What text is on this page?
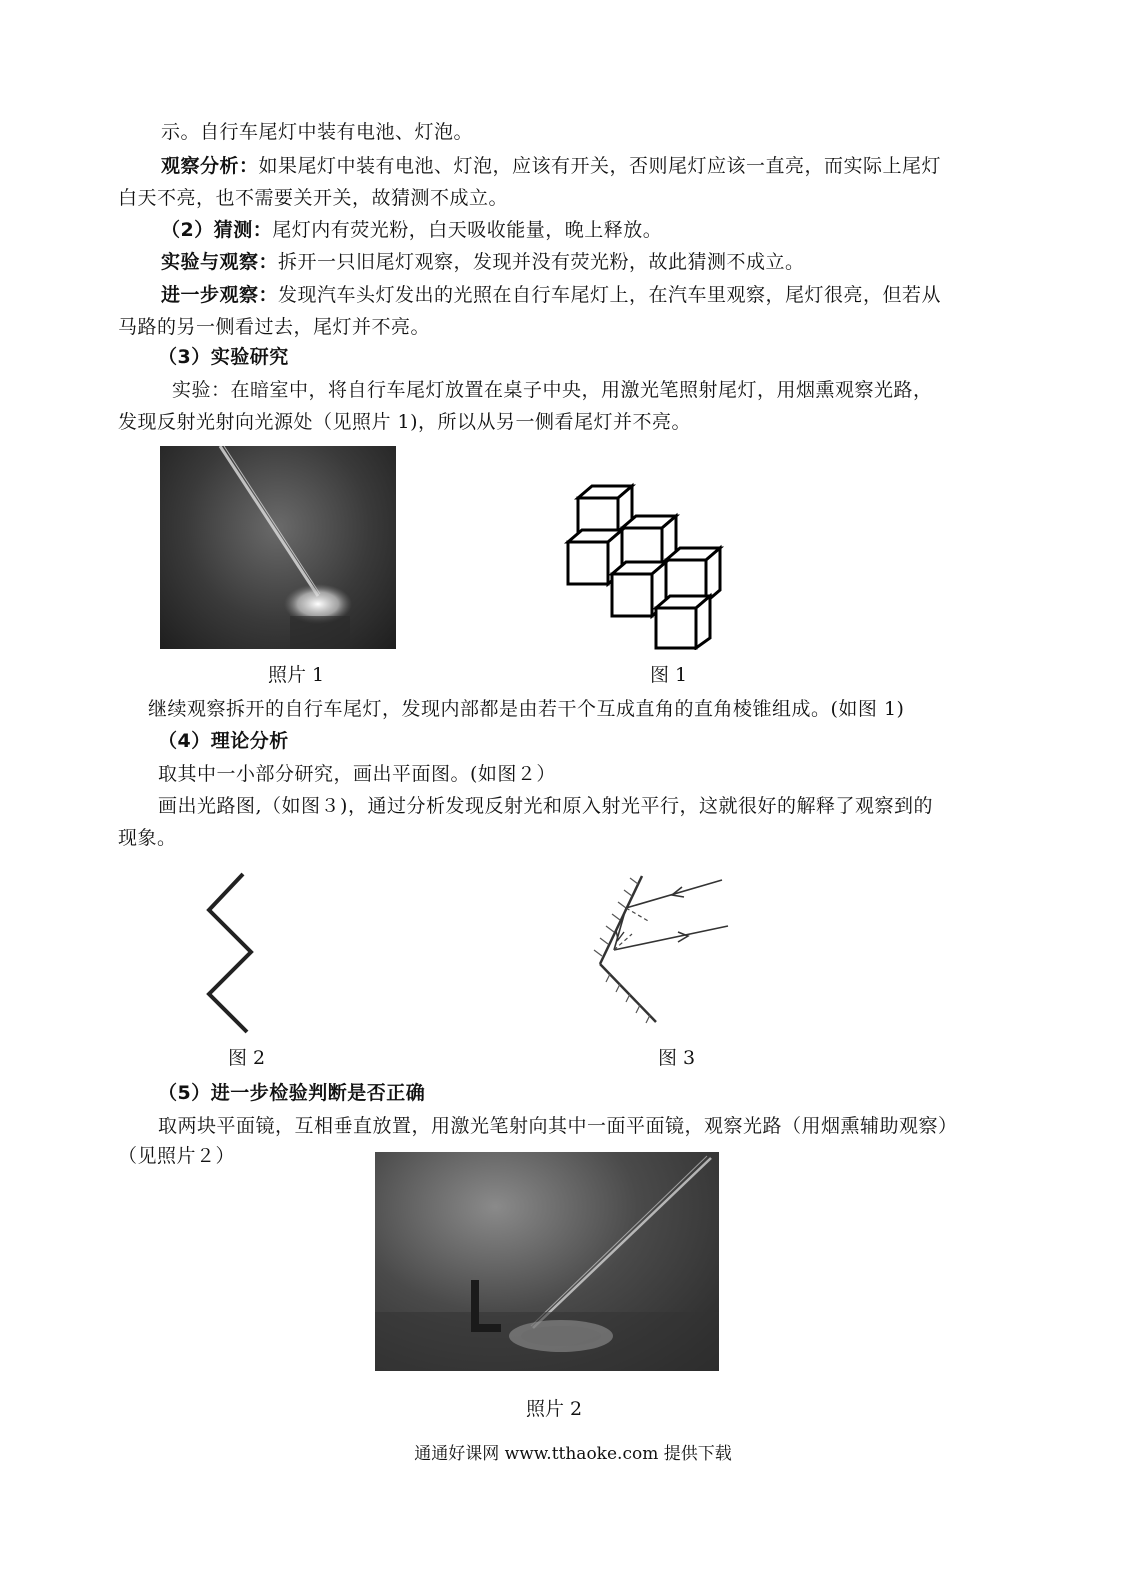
示。自行车尾灯中装有电池、灯泡。
观察分析：如果尾灯中装有电池、灯泡，应该有开关，否则尾灯应该一直亮，而实际上尾灯
白天不亮，也不需要关开关，故猜测不成立。
（2）猜测：尾灯内有荧光粉，白天吸收能量，晚上释放。
实验与观察：拆开一只旧尾灯观察，发现并没有荧光粉，故此猜测不成立。
进一步观察：发现汽车头灯发出的光照在自行车尾灯上，在汽车里观察，尾灯很亮，但若从
马路的另一侧看过去，尾灯并不亮。
（3）实验研究
实验：在暗室中，将自行车尾灯放置在桌子中央，用激光笔照射尾灯，用烟熏观察光路，
发现反射光射向光源处（见照片 1)，所以从另一侧看尾灯并不亮。
照片 1	图 1
继续观察拆开的自行车尾灯，发现内部都是由若干个互成直角的直角棱锥组成。(如图 1)
（4）理论分析
取其中一小部分研究，画出平面图。(如图２）
画出光路图,（如图３)，通过分析发现反射光和原入射光平行，这就很好的解释了观察到的
现象。
图 2	图 3
（5）进一步检验判断是否正确
取两块平面镜，互相垂直放置，用激光笔射向其中一面平面镜，观察光路（用烟熏辅助观察）
（见照片２）
照片 2
通通好课网 www.tthaoke.com 提供下载
